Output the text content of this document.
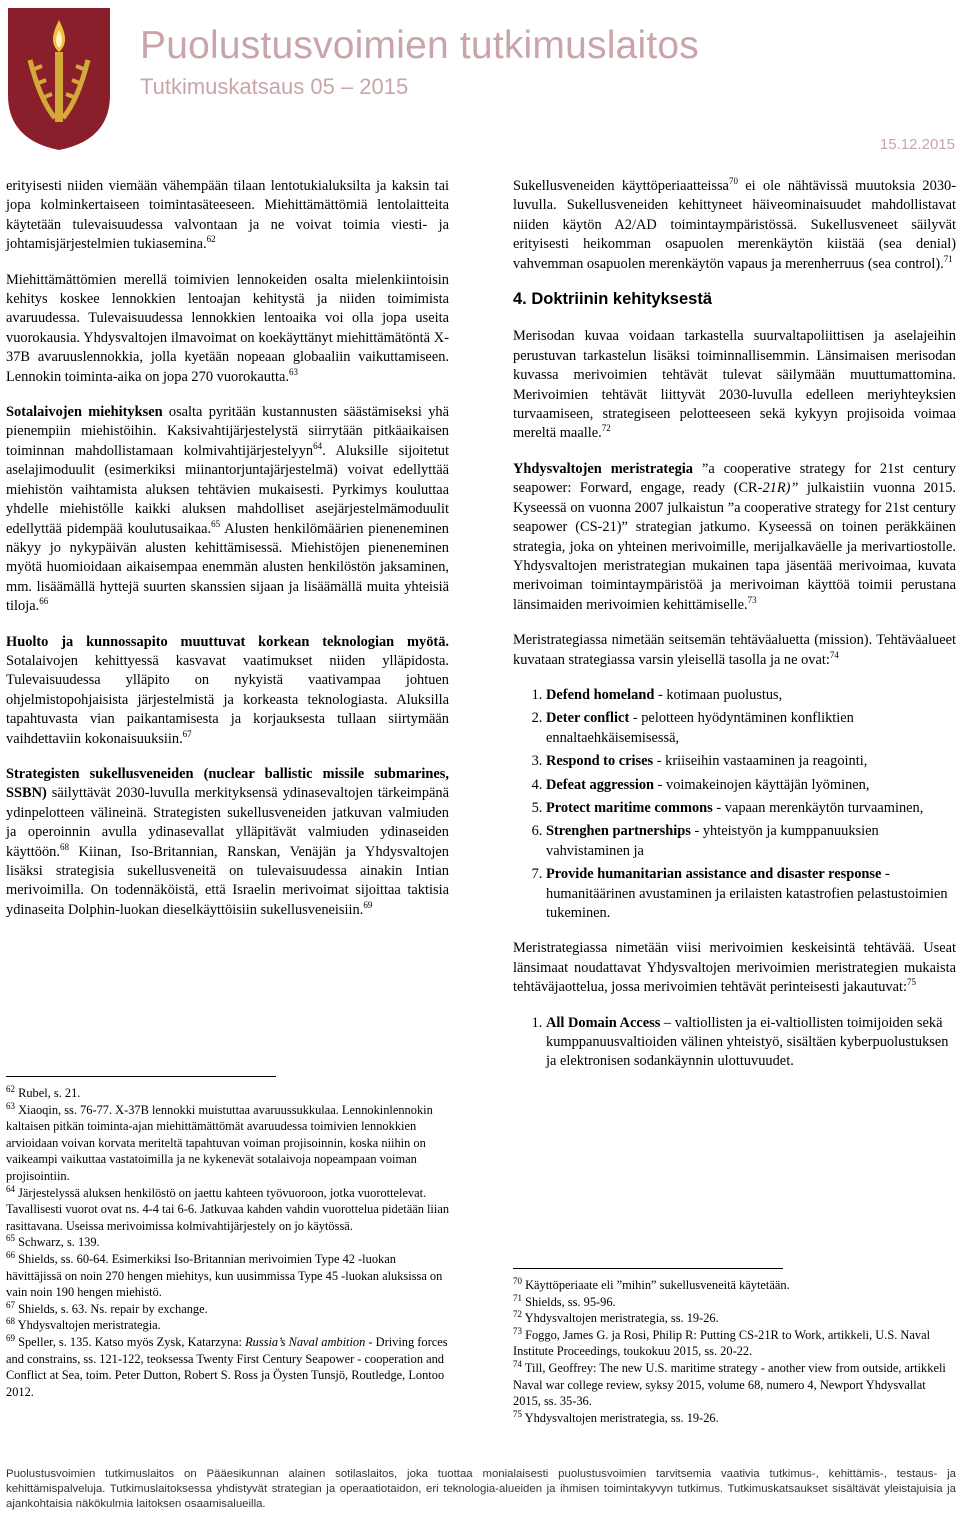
Puolustusvoimien tutkimuslaitos
Tutkimuskatsaus 05 – 2015
15.12.2015

erityisesti niiden viemään vähempään tilaan lentotukialuksilta ja kaksin tai jopa kolminkertaiseen toimintasäteeseen. Miehittämättömiä lentolaitteita käytetään tulevaisuudessa valvontaan ja ne voivat toimia viesti- ja johtamisjärjestelmien tukiasemina.$^{62}$

Miehittämättömien merellä toimivien lennokeiden osalta mielenkiintoisin kehitys koskee lennokkien lentoajan kehitystä ja niiden toimimista avaruudessa. Tulevaisuudessa lennokkien lentoaika voi olla jopa useita vuorokausia. Yhdysvaltojen ilmavoimat on koekäyttänyt miehittämätöntä X-37B avaruuslennokkia, jolla kyetään nopeaan globaaliin vaikuttamiseen. Lennokin toiminta-aika on jopa 270 vuorokautta.$^{63}$

Sotalaivojen miehityksen osalta pyritään kustannusten säästämiseksi yhä pienempiin miehistöihin. Kaksivahtijärjestelystä siirrytään pitkäaikaisen toiminnan mahdollistamaan kolmivahtijärjestelyyn$^{64}$. Aluksille sijoitetut aselajimoduulit (esimerkiksi miinantorjuntajärjestelmä) voivat edellyttää miehistön vaihtamista aluksen tehtävien mukaisesti. Pyrkimys kouluttaa yhdelle miehistölle kaikki aluksen mahdolliset asejärjestelmämoduulit edellyttää pidempää koulutusaikaa.$^{65}$ Alusten henkilömäärien pieneneminen näkyy jo nykypäivän alusten kehittämisessä. Miehistöjen pieneneminen myötä huomioidaan aikaisempaa enemmän alusten henkilöstön jaksaminen, mm. lisäämällä hyttejä suurten skanssien sijaan ja lisäämällä muita yhteisiä tiloja.$^{66}$

Huolto ja kunnossapito muuttuvat korkean teknologian myötä. Sotalaivojen kehittyessä kasvavat vaatimukset niiden ylläpidosta. Tulevaisuudessa ylläpito on nykyistä vaativampaa johtuen ohjelmistopohjaisista järjestelmistä ja korkeasta teknologiasta. Aluksilla tapahtuvasta vian paikantamisesta ja korjauksesta tullaan siirtymään vaihdettaviin kokonaisuuksiin.$^{67}$

Strategisten sukellusveneiden (nuclear ballistic missile submarines, SSBN) säilyttävät 2030-luvulla merkityksensä ydinasevaltojen tärkeimpänä ydinpelotteen välineinä. Strategisten sukellusveneiden jatkuvan valmiuden ja operoinnin avulla ydinasevallat ylläpitävät valmiuden ydinaseiden käyttöön.$^{68}$ Kiinan, Iso-Britannian, Ranskan, Venäjän ja Yhdysvaltojen lisäksi strategisia sukellusveneitä on tulevaisuudessa ainakin Intian merivoimilla. On todennäköistä, että Israelin merivoimat sijoittaa taktisia ydinaseita Dolphin-luokan dieselkäyttöisiin sukellusveneisiin.$^{69}$

$^{62}$ Rubel, s. 21.

$^{63}$ Xiaoqin, ss. 76-77. X-37B lennokki muistuttaa avaruussukkulaa. Lennokinlennokin kaltaisen pitkän toiminta-ajan miehittämättömät avaruudessa toimivien lennokkien arvioidaan voivan korvata meriteltä tapahtuvan voiman projisoinnin, koska niihin on vaikeampi vaikuttaa vastatoimilla ja ne kykenevät sotalaivoja nopeampaan voiman projisointiin.

$^{64}$ Järjestelyssä aluksen henkilöstö on jaettu kahteen työvuoroon, jotka vuorottelevat. Tavallisesti vuorot ovat ns. 4-4 tai 6-6. Jatkuvaa kahden vahdin vuorottelua pidetään liian rasittavana. Useissa merivoimissa kolmivahtijärjestely on jo käytössä.

$^{65}$ Schwarz, s. 139.

$^{66}$ Shields, ss. 60-64. Esimerkiksi Iso-Britannian merivoimien Type 42 -luokan hävittäjissä on noin 270 hengen miehitys, kun uusimmissa Type 45 -luokan aluksissa on vain noin 190 hengen miehistö.

$^{67}$ Shields, s. 63. Ns. repair by exchange.

$^{68}$ Yhdysvaltojen meristrategia.

$^{69}$ Speller, s. 135. Katso myös Zysk, Katarzyna: Russia’s Naval ambition - Driving forces and constrains, ss. 121-122, teoksessa Twenty First Century Seapower - cooperation and Conflict at Sea, toim. Peter Dutton, Robert S. Ross ja Öysten Tunsjö, Routledge, Lontoo 2012.

Sukellusveneiden käyttöperiaatteissa$^{70}$ ei ole nähtävissä muutoksia 2030-luvulla. Sukellusveneiden kehittyneet häiveominaisuudet mahdollistavat niiden käytön A2/AD toimintaympäristössä. Sukellusveneet säilyvät erityisesti heikomman osapuolen merenkäytön kiistää (sea denial) vahvemman osapuolen merenkäytön vapaus ja merenherruus (sea control).$^{71}$

4. Doktriinin kehityksestä

Merisodan kuvaa voidaan tarkastella suurvaltapoliittisen ja aselajeihin perustuvan tarkastelun lisäksi toiminnallisemmin. Länsimaisen merisodan kuvassa merivoimien tehtävät tulevat säilymään muuttumattomina. Merivoimien tehtävät liittyvät 2030-luvulla edelleen meriyhteyksien turvaamiseen, strategiseen pelotteeseen sekä kykyyn projisoida voimaa mereltä maalle.$^{72}$

Yhdysvaltojen meristrategia ”a cooperative strategy for 21st century seapower: Forward, engage, ready (CR-21R)” julkaistiin vuonna 2015. Kyseessä on vuonna 2007 julkaistun ”a cooperative strategy for 21st century seapower (CS-21)” strategian jatkumo. Kyseessä on toinen peräkkäinen strategia, joka on yhteinen merivoimille, merijalkaväelle ja merivartiostolle. Yhdysvaltojen meristrategian mukainen tapa jäsentää merivoimaa, kuvata merivoiman toimintaympäristöä ja merivoiman käyttöä toimii perustana länsimaiden merivoimien kehittämiselle.$^{73}$

Meristrategiassa nimetään seitsemän tehtäväaluetta (mission). Tehtäväalueet kuvataan strategiassa varsin yleisellä tasolla ja ne ovat:$^{74}$

1. Defend homeland - kotimaan puolustus,
2. Deter conflict - pelotteen hyödyntäminen konfliktien ennaltaehkäisemisessä,
3. Respond to crises - kriiseihin vastaaminen ja reagointi,
4. Defeat aggression - voimakeinojen käyttäjän lyöminen,
5. Protect maritime commons - vapaan merenkäytön turvaaminen,
6. Strenghen partnerships - yhteistyön ja kumppanuuksien vahvistaminen ja
7. Provide humanitarian assistance and disaster response - humanitäärinen avustaminen ja erilaisten katastrofien pelastustoimien tukeminen.

Meristrategiassa nimetään viisi merivoimien keskeisintä tehtävää. Useat länsimaat noudattavat Yhdysvaltojen merivoimien meristrategien mukaista tehtäväjaottelua, jossa merivoimien tehtävät perinteisesti jakautuvat:$^{75}$

1. All Domain Access – valtiollisten ja ei-valtiollisten toimijoiden sekä kumppanuusvaltioiden välinen yhteistyö, sisältäen kyberpuolustuksen ja elektronisen sodankäynnin ulottuvuudet.

$^{70}$ Käyttöperiaate eli ”mihin” sukellusveneitä käytetään.

$^{71}$ Shields, ss. 95-96.

$^{72}$ Yhdysvaltojen meristrategia, ss. 19-26.

$^{73}$ Foggo, James G. ja Rosi, Philip R: Putting CS-21R to Work, artikkeli, U.S. Naval Institute Proceedings, toukokuu 2015, ss. 20-22.

$^{74}$ Till, Geoffrey: The new U.S. maritime strategy - another view from outside, artikkeli Naval war college review, syksy 2015, volume 68, numero 4, Newport Yhdysvallat 2015, ss. 35-36.

$^{75}$ Yhdysvaltojen meristrategia, ss. 19-26.

Puolustusvoimien tutkimuslaitos on Pääesikunnan alainen sotilaslaitos, joka tuottaa monialaisesti puolustusvoimien tarvitsemia vaativia tutkimus-, kehittämis-, testaus- ja kehittämispalveluja. Tutkimuslaitoksessa yhdistyvät strategian ja operaatiotaidon, eri teknologia-alueiden ja ihmisen toimintakyvyn tutkimus. Tutkimuskatsaukset sisältävät yleistajuisia ja ajankohtaisia näkökulmia laitoksen osaamisalueilla.
